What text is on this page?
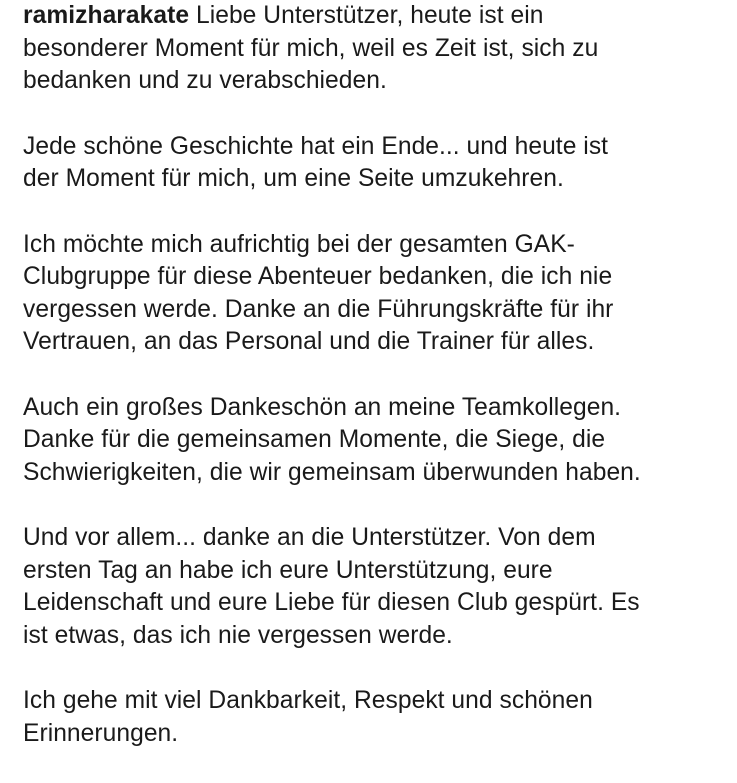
ramizharakate Liebe Unterstützer, heute ist ein
besonderer Moment für mich, weil es Zeit ist, sich zu
bedanken und zu verabschieden.
Jede schöne Geschichte hat ein Ende... und heute ist
der Moment für mich, um eine Seite umzukehren.
Ich möchte mich aufrichtig bei der gesamten GAK-
Clubgruppe für diese Abenteuer bedanken, die ich nie
vergessen werde. Danke an die Führungskräfte für ihr
Vertrauen, an das Personal und die Trainer für alles.
Auch ein großes Dankeschön an meine Teamkollegen.
Danke für die gemeinsamen Momente, die Siege, die
Schwierigkeiten, die wir gemeinsam überwunden haben.
Und vor allem... danke an die Unterstützer. Von dem
ersten Tag an habe ich eure Unterstützung, eure
Leidenschaft und eure Liebe für diesen Club gespürt. Es
ist etwas, das ich nie vergessen werde.
Ich gehe mit viel Dankbarkeit, Respekt und schönen
Erinnerungen.
